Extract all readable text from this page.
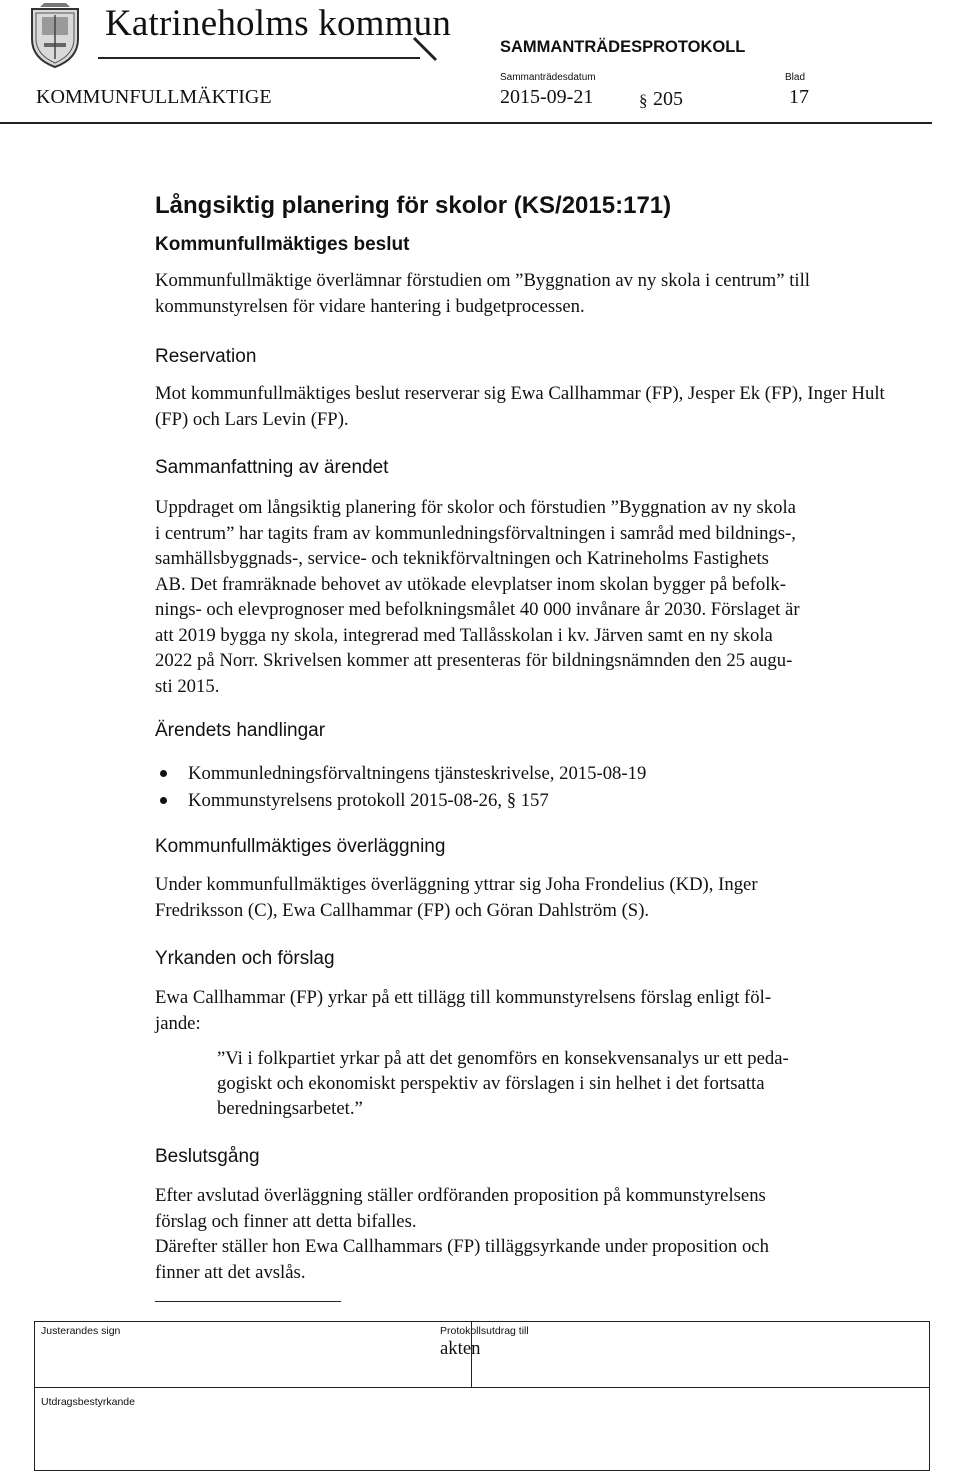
Katrineholms kommun
SAMMANTRÄDESPROTOKOLL
Sammanträdesdatum	Blad
KOMMUNFULLMÄKTIGE	2015-09-21	§ 205	17
Långsiktig planering för skolor (KS/2015:171)
Kommunfullmäktiges beslut

Kommunfullmäktige överlämnar förstudien om ”Byggnation av ny skola i centrum” till kommunstyrelsen för vidare hantering i budgetprocessen.

Reservation

Mot kommunfullmäktiges beslut reserverar sig Ewa Callhammar (FP), Jesper Ek (FP), Inger Hult (FP) och Lars Levin (FP).

Sammanfattning av ärendet
Uppdraget om långsiktig planering för skolor och förstudien ”Byggnation av ny skola
i centrum” har tagits fram av kommunledningsförvaltningen i samråd med bildnings-,
samhällsbyggnads-, service- och teknikförvaltningen och Katrineholms Fastighets
AB. Det framräknade behovet av utökade elevplatser inom skolan bygger på befolk-
nings- och elevprognoser med befolkningsmålet 40 000 invånare år 2030. Förslaget är
att 2019 bygga ny skola, integrerad med Tallåsskolan i kv. Järven samt en ny skola
2022 på Norr. Skrivelsen kommer att presenteras för bildningsnämnden den 25 augu-
sti 2015.
Ärendets handlingar
Kommunledningsförvaltningens tjänsteskrivelse, 2015-08-19
Kommunstyrelsens protokoll 2015-08-26, § 157
Kommunfullmäktiges överläggning
Under kommunfullmäktiges överläggning yttrar sig Joha Frondelius (KD), Inger
Fredriksson (C), Ewa Callhammar (FP) och Göran Dahlström (S).
Yrkanden och förslag
Ewa Callhammar (FP) yrkar på ett tillägg till kommunstyrelsens förslag enligt föl-
jande:
”Vi i folkpartiet yrkar på att det genomförs en konsekvensanalys ur ett peda-
gogiskt och ekonomiskt perspektiv av förslagen i sin helhet i det fortsatta
beredningsarbetet.”
Beslutsgång
Efter avslutad överläggning ställer ordföranden proposition på kommunstyrelsens
förslag och finner att detta bifalles.
Därefter ställer hon Ewa Callhammars (FP) tilläggsyrkande under proposition och
finner att det avslås.
Justerandes sign	Protokollsutdrag till
akten
Utdragsbestyrkande
